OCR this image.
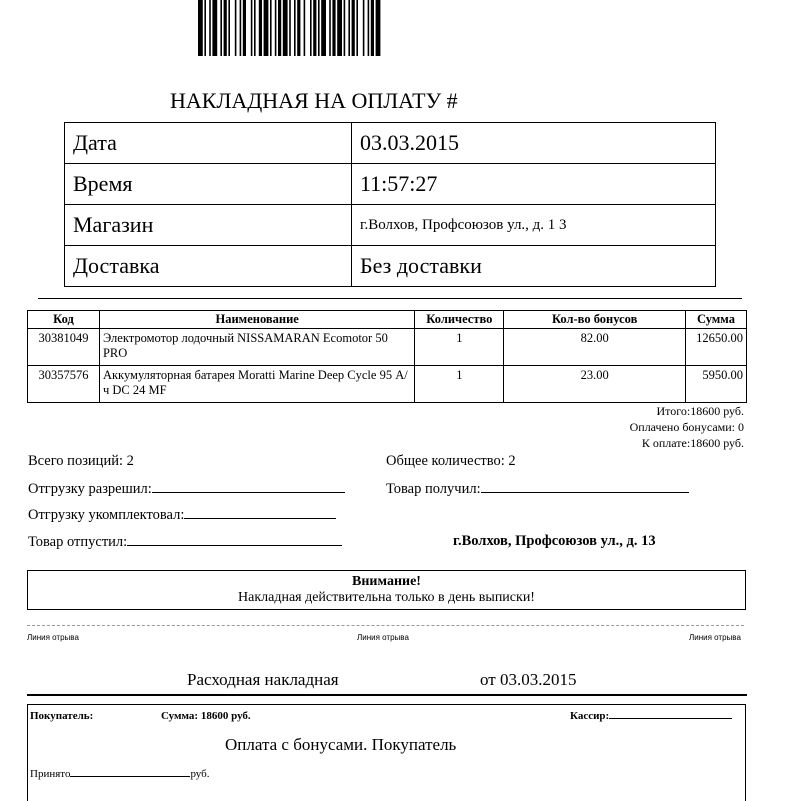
НАКЛАДНАЯ НА ОПЛАТУ #
Дата	03.03.2015
Время	11:57:27
Магазин	г.Волхов, Профсоюзов ул., д. 1 3
Доставка	Без доставки
Код	Наименование	Количество	Кол-во бонусов	Сумма
30381049	Электромотор лодочный NISSAMARAN Ecomotor 50 PRO	1	82.00	12650.00
30357576	Аккумуляторная батарея Moratti Marine Deep Cycle 95 А/ч DC 24 MF	1	23.00	5950.00
Итого:18600 руб.
Оплачено бонусами: 0
К оплате:18600 руб.
Всего позиций: 2	Общее количество: 2
Отгрузку разрешил:	Товар получил:
Отгрузку укомплектовал:
Товар отпустил:	г.Волхов, Профсоюзов ул., д. 13
Внимание!
Накладная действительна только в день выписки!
Линия отрыва	Линия отрыва	Линия отрыва
Расходная накладная	от 03.03.2015
Покупатель:	Сумма: 18600 руб.	Кассир:
Оплата с бонусами. Покупатель
Принято	руб.
